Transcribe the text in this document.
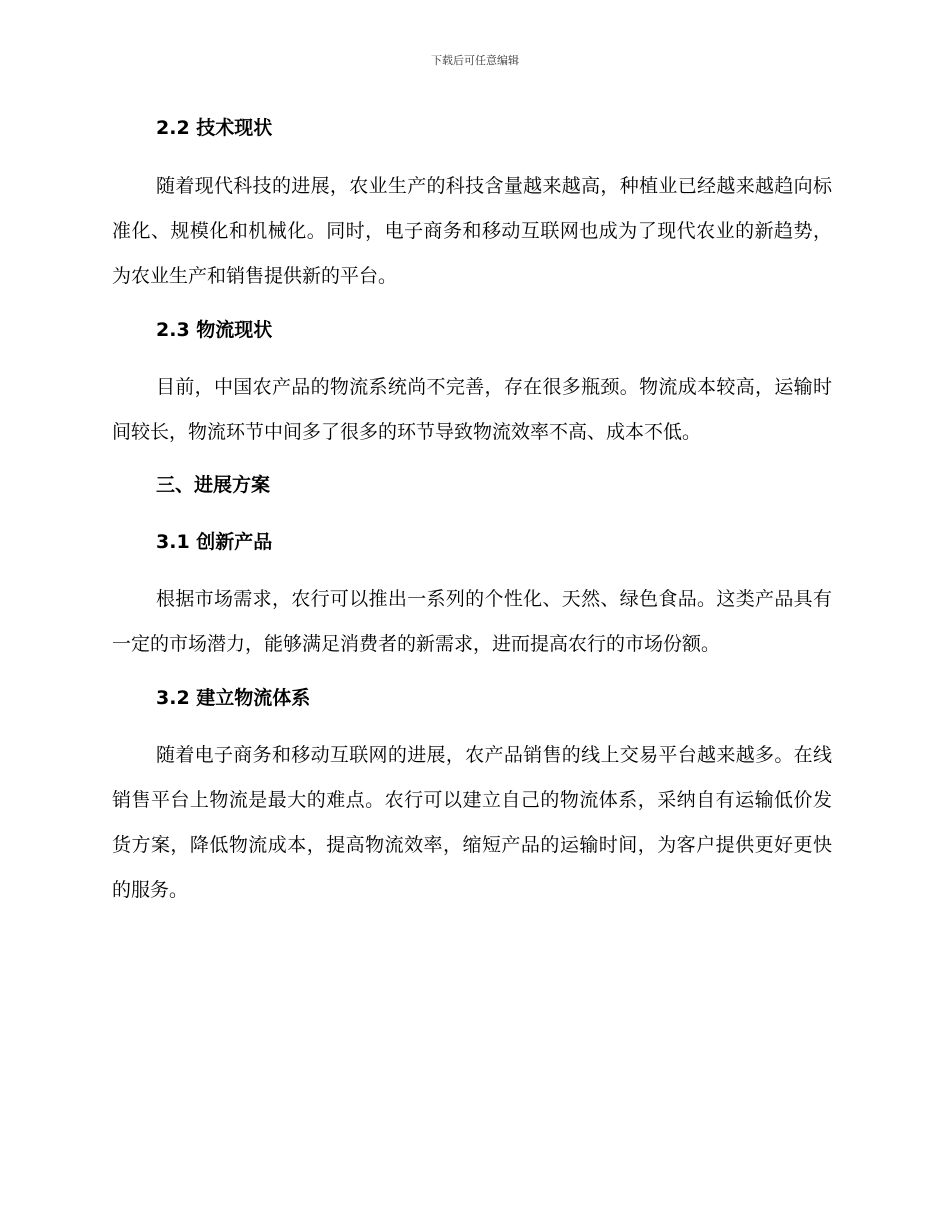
下载后可任意编辑
2.2 技术现状

随着现代科技的进展，农业生产的科技含量越来越高，种植业已经越来越趋向标准化、规模化和机械化。同时，电子商务和移动互联网也成为了现代农业的新趋势，为农业生产和销售提供新的平台。

2.3 物流现状

目前，中国农产品的物流系统尚不完善，存在很多瓶颈。物流成本较高，运输时间较长，物流环节中间多了很多的环节导致物流效率不高、成本不低。

三、进展方案
3.1 创新产品

根据市场需求，农行可以推出一系列的个性化、天然、绿色食品。这类产品具有一定的市场潜力，能够满足消费者的新需求，进而提高农行的市场份额。

3.2 建立物流体系

随着电子商务和移动互联网的进展，农产品销售的线上交易平台越来越多。在线销售平台上物流是最大的难点。农行可以建立自己的物流体系，采纳自有运输低价发货方案，降低物流成本，提高物流效率，缩短产品的运输时间，为客户提供更好更快的服务。
